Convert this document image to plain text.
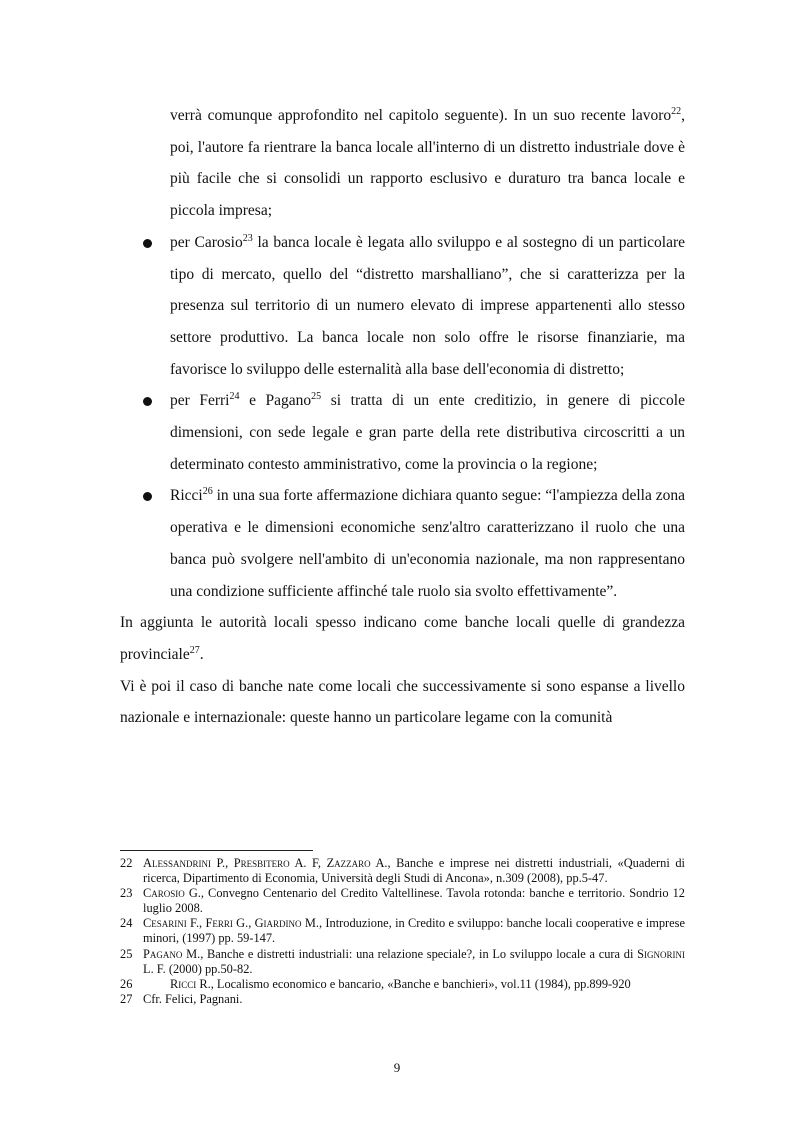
verrà comunque approfondito nel capitolo seguente). In un suo recente lavoro$^{22}$, poi, l'autore fa rientrare la banca locale all'interno di un distretto industriale dove è più facile che si consolidi un rapporto esclusivo e duraturo tra banca locale e piccola impresa;
per Carosio$^{23}$ la banca locale è legata allo sviluppo e al sostegno di un particolare tipo di mercato, quello del “distretto marshalliano”, che si caratterizza per la presenza sul territorio di un numero elevato di imprese appartenenti allo stesso settore produttivo. La banca locale non solo offre le risorse finanziarie, ma favorisce lo sviluppo delle esternalità alla base dell'economia di distretto;
per Ferri$^{24}$ e Pagano$^{25}$ si tratta di un ente creditizio, in genere di piccole dimensioni, con sede legale e gran parte della rete distributiva circoscritti a un determinato contesto amministrativo, come la provincia o la regione;
Ricci$^{26}$ in una sua forte affermazione dichiara quanto segue: “l'ampiezza della zona operativa e le dimensioni economiche senz'altro caratterizzano il ruolo che una banca può svolgere nell'ambito di un'economia nazionale, ma non rappresentano una condizione sufficiente affinché tale ruolo sia svolto effettivamente”.

In aggiunta le autorità locali spesso indicano come banche locali quelle di grandezza provinciale$^{27}$.

Vi è poi il caso di banche nate come locali che successivamente si sono espanse a livello nazionale e internazionale: queste hanno un particolare legame con la comunità

22 Alessandrini P., Presbitero A. F, Zazzaro A., Banche e imprese nei distretti industriali, «Quaderni di ricerca, Dipartimento di Economia, Università degli Studi di Ancona», n.309 (2008), pp.5-47.
23 Carosio G., Convegno Centenario del Credito Valtellinese. Tavola rotonda: banche e territorio. Sondrio 12 luglio 2008.
24 Cesarini F., Ferri G., Giardino M., Introduzione, in Credito e sviluppo: banche locali cooperative e imprese minori, (1997) pp. 59-147.
25 Pagano M., Banche e distretti industriali: una relazione speciale?, in Lo sviluppo locale a cura di Signorini L. F. (2000) pp.50-82.
26	Ricci R., Localismo economico e bancario, «Banche e banchieri», vol.11 (1984), pp.899-920
27 Cfr. Felici, Pagnani.
9
